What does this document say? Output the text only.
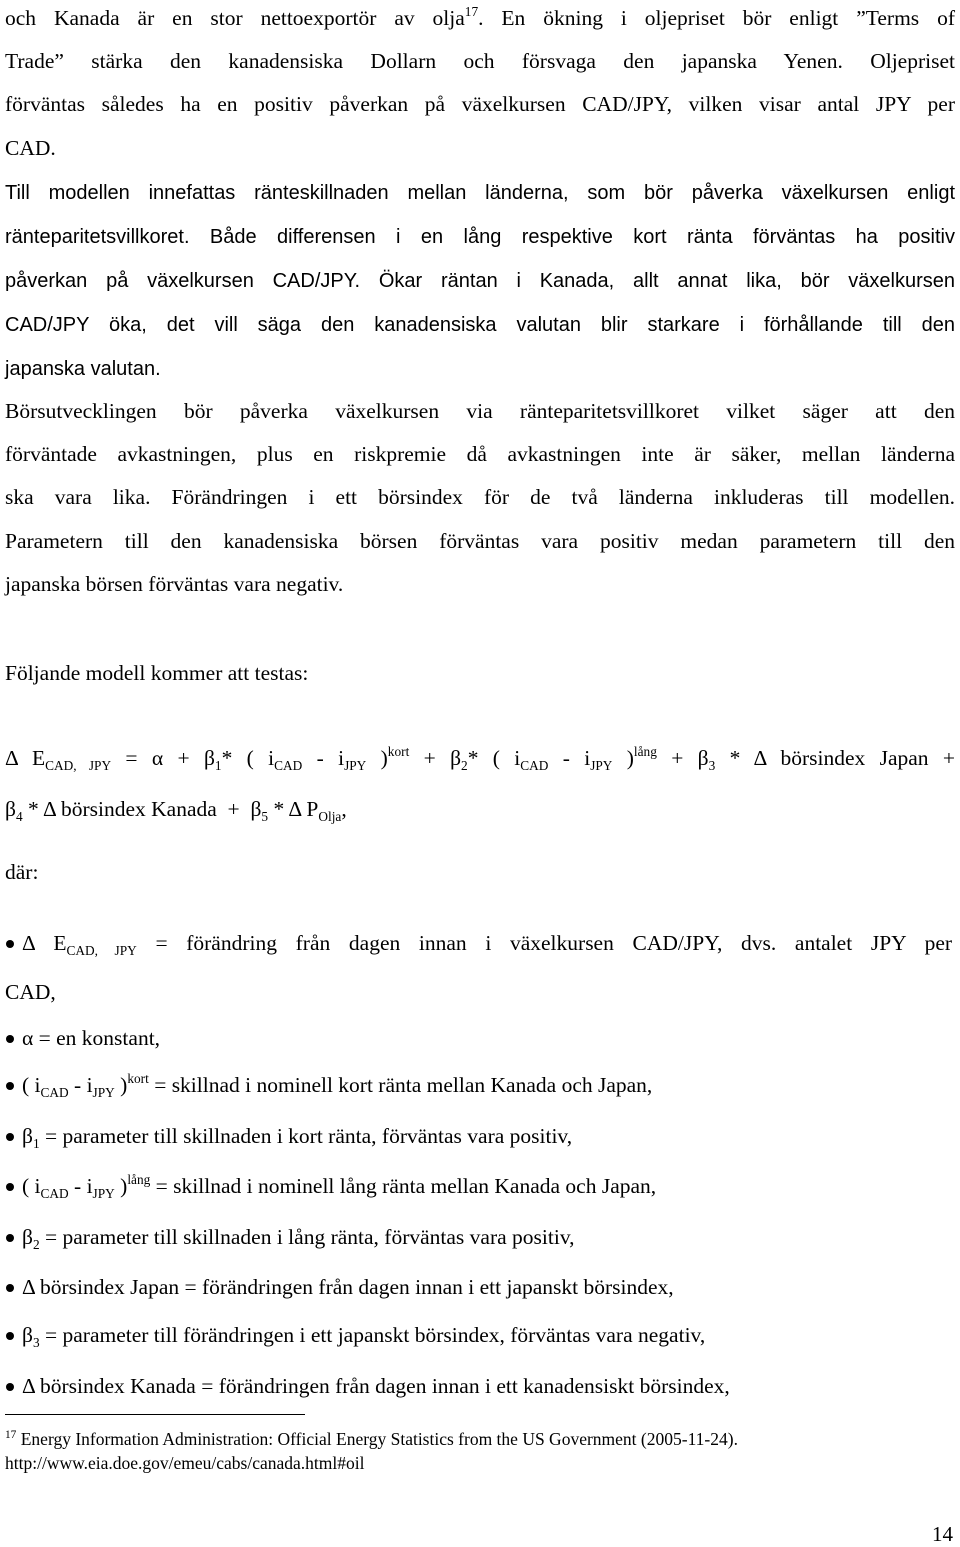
och Kanada är en stor nettoexportör av olja$^{17}$. En ökning i oljepriset bör enligt ”Terms of
Trade” stärka den kanadensiska Dollarn och försvaga den japanska Yenen. Oljepriset
förväntas således ha en positiv påverkan på växelkursen CAD/JPY, vilken visar antal JPY per
CAD.
Till modellen innefattas ränteskillnaden mellan länderna, som bör påverka växelkursen enligt
ränteparitetsvillkoret. Både differensen i en lång respektive kort ränta förväntas ha positiv
påverkan på växelkursen CAD/JPY. Ökar räntan i Kanada, allt annat lika, bör växelkursen
CAD/JPY öka, det vill säga den kanadensiska valutan blir starkare i förhållande till den
japanska valutan.
Börsutvecklingen bör påverka växelkursen via ränteparitetsvillkoret vilket säger att den
förväntade avkastningen, plus en riskpremie då avkastningen inte är säker, mellan länderna
ska vara lika. Förändringen i ett börsindex för de två länderna inkluderas till modellen.
Parametern till den kanadensiska börsen förväntas vara positiv medan parametern till den
japanska börsen förväntas vara negativ.
Följande modell kommer att testas:
Δ $E_{CAD, JPY} = \alpha + \beta_1*$ ( $i_{CAD} - i_{JPY}$ )$^{kort} + \beta_2*$ ( $i_{CAD} - i_{JPY}$ )$^{lång} + \beta_3 * \Delta$ börsindex Japan +
$\beta_4$ * Δ börsindex Kanada + $\beta_5$ * Δ $P_{Olja}$,
där:
Δ $E_{CAD, JPY}$ = förändring från dagen innan i växelkursen CAD/JPY, dvs. antalet JPY per
CAD,
α = en konstant,
( $i_{CAD} - i_{JPY}$ )$^{kort}$ = skillnad i nominell kort ränta mellan Kanada och Japan,
$\beta_1$ = parameter till skillnaden i kort ränta, förväntas vara positiv,
( $i_{CAD} - i_{JPY}$ )$^{lång}$ = skillnad i nominell lång ränta mellan Kanada och Japan,
$\beta_2$ = parameter till skillnaden i lång ränta, förväntas vara positiv,
Δ börsindex Japan = förändringen från dagen innan i ett japanskt börsindex,
$\beta_3$ = parameter till förändringen i ett japanskt börsindex, förväntas vara negativ,
Δ börsindex Kanada = förändringen från dagen innan i ett kanadensiskt börsindex,
$^{17}$ Energy Information Administration: Official Energy Statistics from the US Government (2005-11-24).
http://www.eia.doe.gov/emeu/cabs/canada.html#oil
14
